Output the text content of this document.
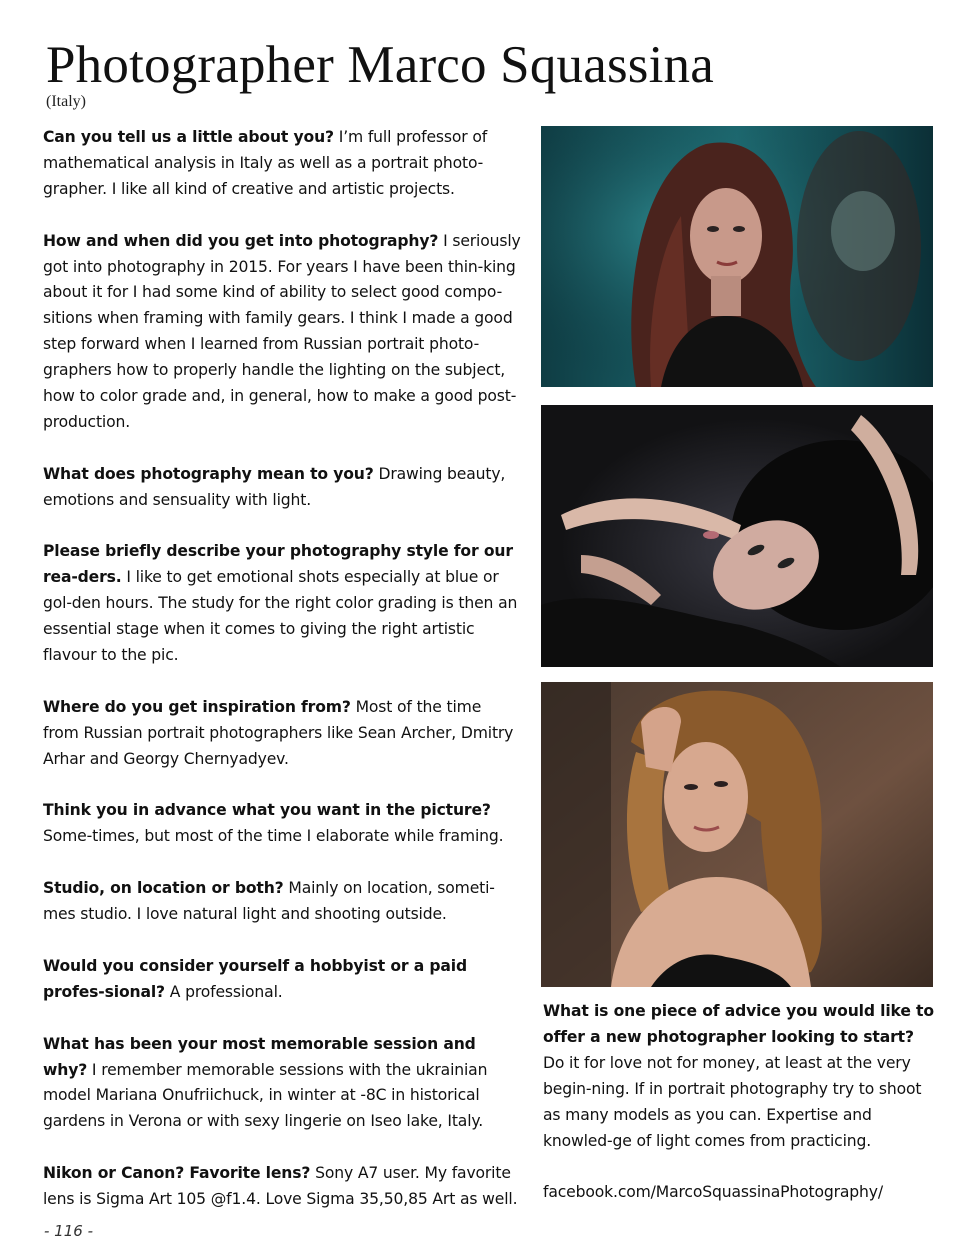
Photographer Marco Squassina
(Italy)

Can you tell us a little about you? I’m full professor of mathematical analysis in Italy as well as a portrait photo-grapher. I like all kind of creative and artistic projects.

How and when did you get into photography? I seriously got into photography in 2015. For years I have been thin-king about it for I had some kind of ability to select good compo-sitions when framing with family gears. I think I made a good step forward when I learned from Russian portrait photo-graphers how to properly handle the lighting on the subject, how to color grade and, in general, how to make a good post-production.

What does photography mean to you? Drawing beauty, emotions and sensuality with light.

Please briefly describe your photography style for our rea-ders. I like to get emotional shots especially at blue or gol-den hours. The study for the right color grading is then an essential stage when it comes to giving the right artistic flavour to the pic.

Where do you get inspiration from? Most of the time from Russian portrait photographers like Sean Archer, Dmitry Arhar and Georgy Chernyadyev.

Think you in advance what you want in the picture? Some-times, but most of the time I elaborate while framing.

Studio, on location or both? Mainly on location, someti-mes studio. I love natural light and shooting outside.

Would you consider yourself a hobbyist or a paid profes-sional? A professional.

What has been your most memorable session and why? I remember memorable sessions with the ukrainian model Mariana Onufriichuck, in winter at -8C in historical gardens in Verona or with sexy lingerie on Iseo lake, Italy.

Nikon or Canon? Favorite lens? Sony A7 user. My favorite lens is Sigma Art 105 @f1.4. Love Sigma 35,50,85 Art as well.

What is one piece of advice you would like to offer a new photographer looking to start? Do it for love not for money, at least at the very begin-ning. If in portrait photography try to shoot as many models as you can. Expertise and knowled-ge of light comes from practicing.

facebook.com/MarcoSquassinaPhotography/
- 116 -
